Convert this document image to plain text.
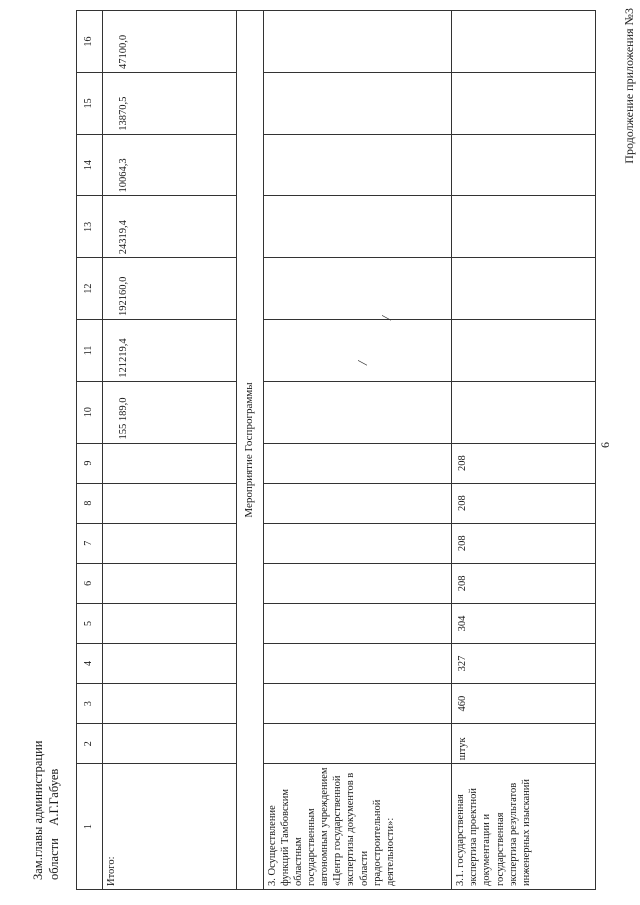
6
Продолжение приложения №3
1	2	3	4	5	6	7	8	9	10	11	12	13	14	15	16
Итого:									155 189,0	121219,4	192160,0	24319,4	10064,3	13870,5	47100,0
Мероприятие Госпрограммы															
3. Осуществление функций Тамбовским областным государственным автономным учреждением «Центр государственной экспертизы документов в области градостроительной деятельности»:															
3.1. государственная экспертиза проектной документации и государственная экспертиза результатов инженерных изысканий	штук	460	327	304	208	208	208	208							
/
/
Зам.главы администрации области    А.Г.Габуев
